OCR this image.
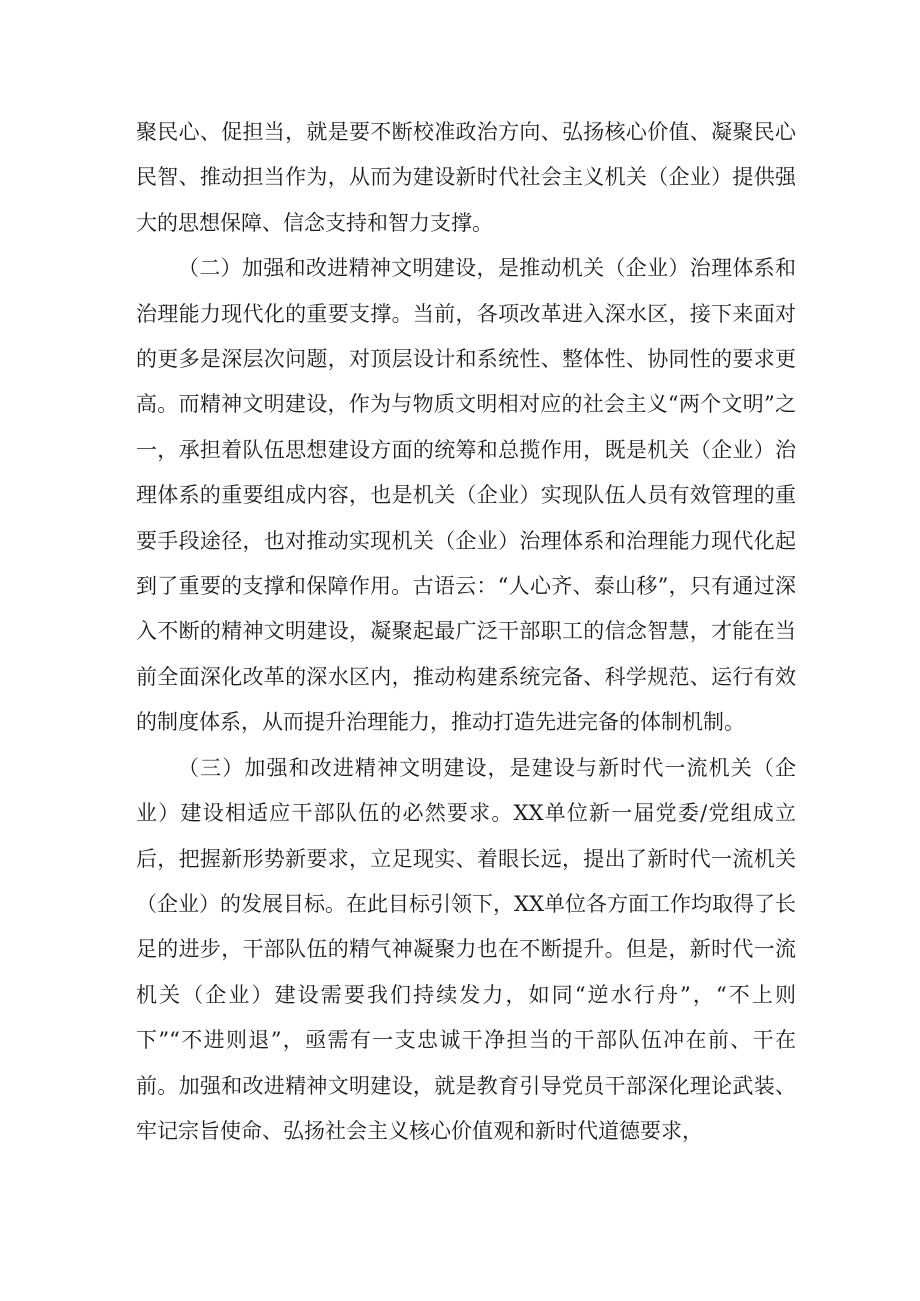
聚民心、促担当，就是要不断校准政治方向、弘扬核心价值、凝聚民心民智、推动担当作为，从而为建设新时代社会主义机关（企业）提供强大的思想保障、信念支持和智力支撑。

（二）加强和改进精神文明建设，是推动机关（企业）治理体系和治理能力现代化的重要支撑。当前，各项改革进入深水区，接下来面对的更多是深层次问题，对顶层设计和系统性、整体性、协同性的要求更高。而精神文明建设，作为与物质文明相对应的社会主义“两个文明”之一，承担着队伍思想建设方面的统筹和总揽作用，既是机关（企业）治理体系的重要组成内容，也是机关（企业）实现队伍人员有效管理的重要手段途径，也对推动实现机关（企业）治理体系和治理能力现代化起到了重要的支撑和保障作用。古语云：“人心齐、泰山移”，只有通过深入不断的精神文明建设，凝聚起最广泛干部职工的信念智慧，才能在当前全面深化改革的深水区内，推动构建系统完备、科学规范、运行有效的制度体系，从而提升治理能力，推动打造先进完备的体制机制。

（三）加强和改进精神文明建设，是建设与新时代一流机关（企业）建设相适应干部队伍的必然要求。XX单位新一届党委/党组成立后，把握新形势新要求，立足现实、着眼长远，提出了新时代一流机关（企业）的发展目标。在此目标引领下，XX单位各方面工作均取得了长足的进步，干部队伍的精气神凝聚力也在不断提升。但是，新时代一流机关（企业）建设需要我们持续发力，如同“逆水行舟”，“不上则下”“不进则退”，亟需有一支忠诚干净担当的干部队伍冲在前、干在前。加强和改进精神文明建设，就是教育引导党员干部深化理论武装、牢记宗旨使命、弘扬社会主义核心价值观和新时代道德要求，
